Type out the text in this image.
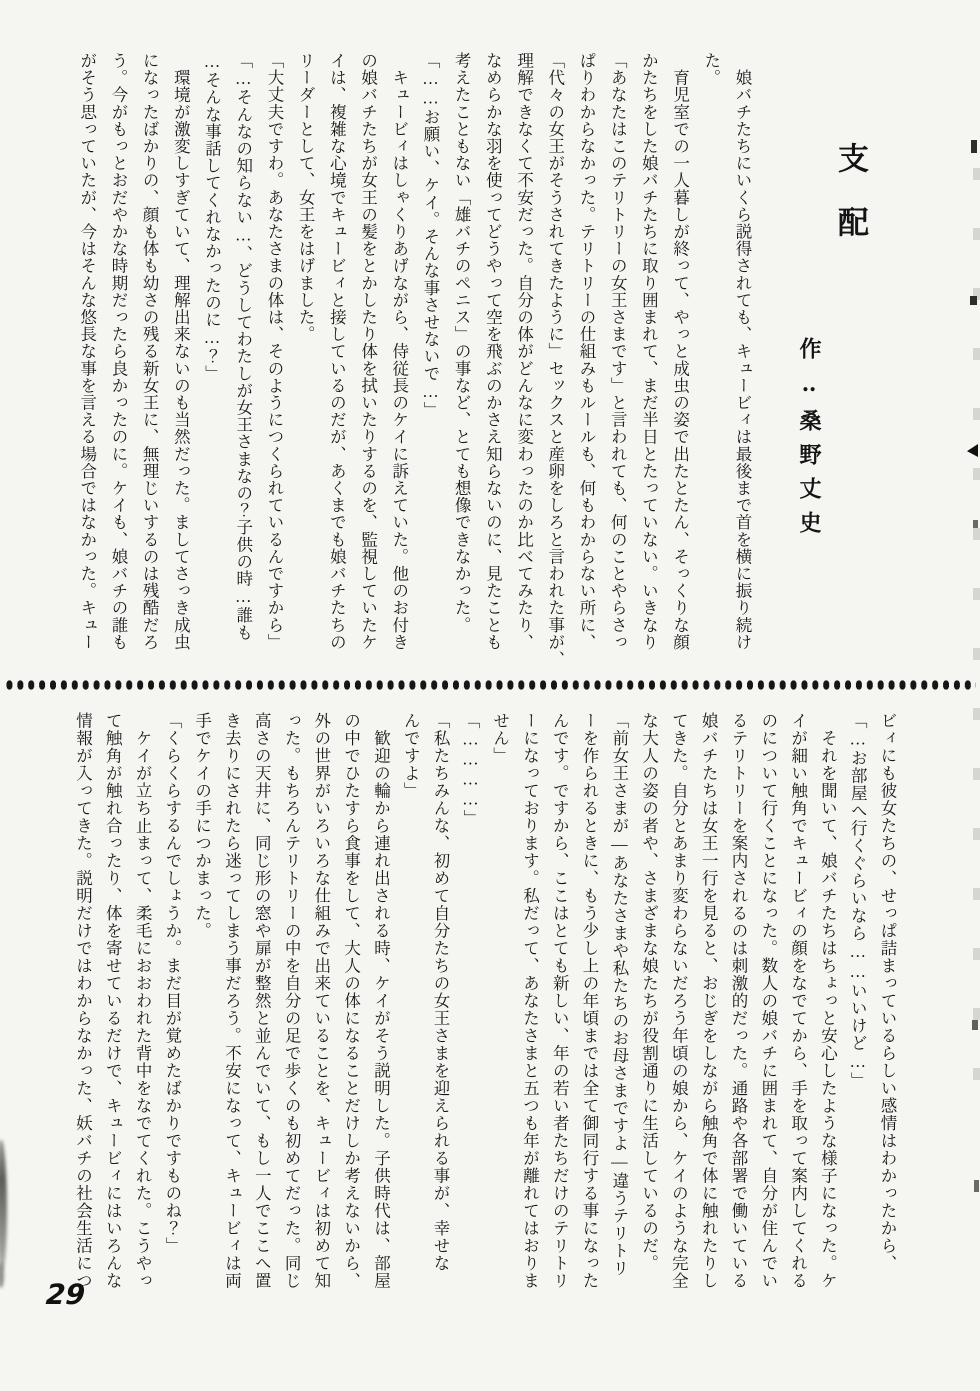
支配
作‥桑野丈史
　娘バチたちにいくら説得されても、キュービィは最後まで首を横に振り続け
た。
　育児室での一人暮しが終って、やっと成虫の姿で出たとたん、そっくりな顔
かたちをした娘バチたちに取り囲まれて、まだ半日とたっていない。いきなり
「あなたはこのテリトリーの女王さまです」と言われても、何のことやらさっ
ぱりわからなかった。テリトリーの仕組みもルールも、何もわからない所に、
「代々の女王がそうされてきたように」セックスと産卵をしろと言われた事が、
理解できなくて不安だった。自分の体がどんなに変わったのか比べてみたり、
なめらかな羽を使ってどうやって空を飛ぶのかさえ知らないのに、見たことも
考えたこともない「雄バチのペニス」の事など、とても想像できなかった。
「……お願い、ケイ。そんな事させないで…」
　キュービィはしゃくりあげながら、侍従長のケイに訴えていた。他のお付き
の娘バチたちが女王の髪をとかしたり体を拭いたりするのを、監視していたケ
イは、複雑な心境でキュービィと接しているのだが、あくまでも娘バチたちの
リーダーとして、女王をはげました。
「大丈夫ですわ。あなたさまの体は、そのようにつくられているんですから」
「…そんなの知らない…、どうしてわたしが女王さまなの？子供の時…誰も
…そんな事話してくれなかったのに…？」
　環境が激変しすぎていて、理解出来ないのも当然だった。ましてさっき成虫
になったばかりの、顔も体も幼さの残る新女王に、無理じいするのは残酷だろ
う。今がもっとおだやかな時期だったら良かったのに。ケイも、娘バチの誰も
がそう思っていたが、今はそんな悠長な事を言える場合ではなかった。キュー
ビィにも彼女たちの、せっぱ詰まっているらしい感情はわかったから、
「…お部屋へ行くぐらいなら……いいけど…」
　それを聞いて、娘バチたちはちょっと安心したような様子になった。ケ
イが細い触角でキュービィの顔をなでてから、手を取って案内してくれる
のについて行くことになった。数人の娘バチに囲まれて、自分が住んでい
るテリトリーを案内されるのは刺激的だった。通路や各部署で働いている
娘バチたちは女王一行を見ると、おじぎをしながら触角で体に触れたりし
てきた。自分とあまり変わらないだろう年頃の娘から、ケイのような完全
な大人の姿の者や、さまざまな娘たちが役割通りに生活しているのだ。
「前女王さまが―あなたさまや私たちのお母さまですよ―違うテリトリ
ーを作られるときに、もう少し上の年頃までは全て御同行する事になった
んです。ですから、ここはとても新しい、年の若い者たちだけのテリトリ
ーになっております。私だって、あなたさまと五つも年が離れてはおりま
せん」
「…………」
「私たちみんな、初めて自分たちの女王さまを迎えられる事が、幸せな
んですよ」
　歓迎の輪から連れ出される時、ケイがそう説明した。子供時代は、部屋
の中でひたすら食事をして、大人の体になることだけしか考えないから、
外の世界がいろいろな仕組みで出来ていることを、キュービィは初めて知
った。もちろんテリトリーの中を自分の足で歩くのも初めてだった。同じ
高さの天井に、同じ形の窓や扉が整然と並んでいて、もし一人でここへ置
き去りにされたら迷ってしまう事だろう。不安になって、キュービィは両
手でケイの手につかまった。
「くらくらするんでしょうか。まだ目が覚めたばかりですものね？」
　ケイが立ち止まって、柔毛におおわれた背中をなでてくれた。こうやっ
て触角が触れ合ったり、体を寄せているだけで、キュービィにはいろんな
情報が入ってきた。説明だけではわからなかった、妖バチの社会生活につ
29
